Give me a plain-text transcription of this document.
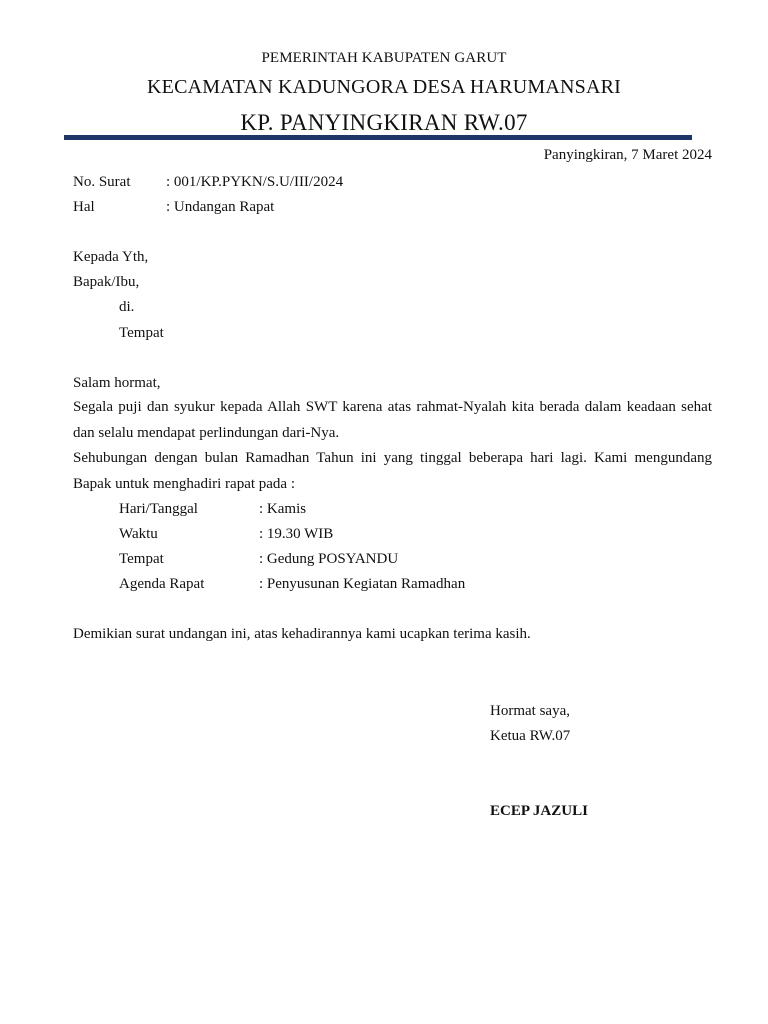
PEMERINTAH KABUPATEN GARUT
KECAMATAN KADUNGORA DESA HARUMANSARI
KP. PANYINGKIRAN RW.07
Panyingkiran, 7 Maret 2024
No. Surat : 001/KP.PYKN/S.U/III/2024
Hal	: Undangan Rapat
Kepada Yth,
Bapak/Ibu,
di.
Tempat
Salam hormat,
Segala puji dan syukur kepada Allah SWT karena atas rahmat-Nyalah kita berada dalam keadaan sehat dan selalu mendapat perlindungan dari-Nya.
Sehubungan dengan bulan Ramadhan Tahun ini yang tinggal beberapa hari lagi. Kami mengundang Bapak untuk menghadiri rapat pada :
Hari/Tanggal	: Kamis
Waktu	: 19.30 WIB
Tempat	: Gedung POSYANDU
Agenda Rapat	: Penyusunan Kegiatan Ramadhan
Demikian surat undangan ini, atas kehadirannya kami ucapkan terima kasih.
Hormat saya,
Ketua RW.07
ECEP JAZULI
